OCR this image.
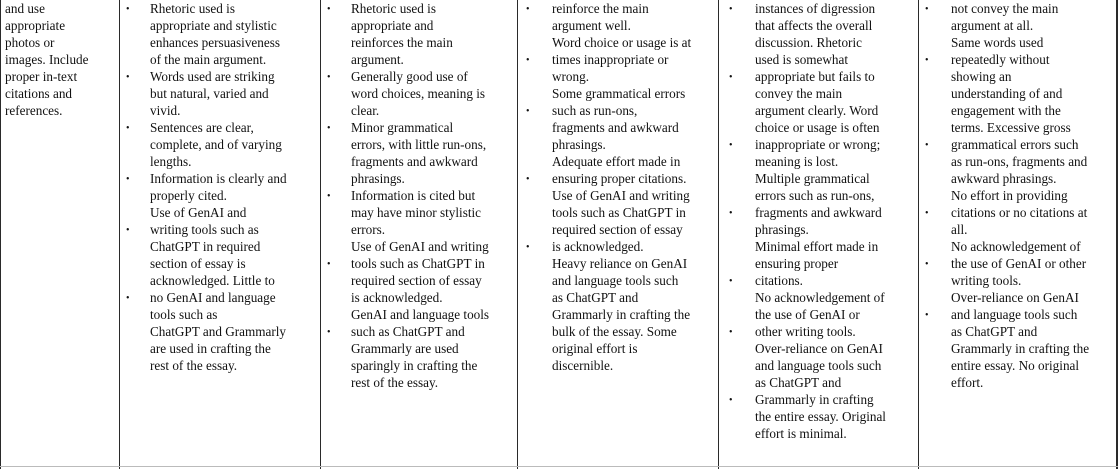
and use
appropriate
photos or
images. Include
proper in-text
citations and
references.
Rhetoric used is
appropriate and stylistic
enhances persuasiveness
of the main argument.
Words used are striking
but natural, varied and
vivid.
Sentences are clear,
complete, and of varying
lengths.
Information is clearly and
properly cited.
Use of GenAI and
writing tools such as
ChatGPT in required
section of essay is
acknowledged. Little to
no GenAI and language
tools such as
ChatGPT and Grammarly
are used in crafting the
rest of the essay.
•
•
•
•
•
•
Rhetoric used is
appropriate and
reinforces the main
argument.
Generally good use of
word choices, meaning is
clear.
Minor grammatical
errors, with little run-ons,
fragments and awkward
phrasings.
Information is cited but
may have minor stylistic
errors.
Use of GenAI and writing
tools such as ChatGPT in
required section of essay
is acknowledged.
GenAI and language tools
such as ChatGPT and
Grammarly are used
sparingly in crafting the
rest of the essay.
•
•
•
•
•
•
reinforce the main
argument well.
Word choice or usage is at
times inappropriate or
wrong.
Some grammatical errors
such as run-ons,
fragments and awkward
phrasings.
Adequate effort made in
ensuring proper citations.
Use of GenAI and writing
tools such as ChatGPT in
required section of essay
is acknowledged.
Heavy reliance on GenAI
and language tools such
as ChatGPT and
Grammarly in crafting the
bulk of the essay. Some
original effort is
discernible.
•
•
•
•
•
instances of digression
that affects the overall
discussion. Rhetoric
used is somewhat
appropriate but fails to
convey the main
argument clearly. Word
choice or usage is often
inappropriate or wrong;
meaning is lost.
Multiple grammatical
errors such as run-ons,
fragments and awkward
phrasings.
Minimal effort made in
ensuring proper
citations.
No acknowledgement of
the use of GenAI or
other writing tools.
Over-reliance on GenAI
and language tools such
as ChatGPT and
Grammarly in crafting
the entire essay. Original
effort is minimal.
•
•
•
•
•
•
•
not convey the main
argument at all.
Same words used
repeatedly without
showing an
understanding of and
engagement with the
terms. Excessive gross
grammatical errors such
as run-ons, fragments and
awkward phrasings.
No effort in providing
citations or no citations at
all.
No acknowledgement of
the use of GenAI or other
writing tools.
Over-reliance on GenAI
and language tools such
as ChatGPT and
Grammarly in crafting the
entire essay. No original
effort.
•
•
•
•
•
•
